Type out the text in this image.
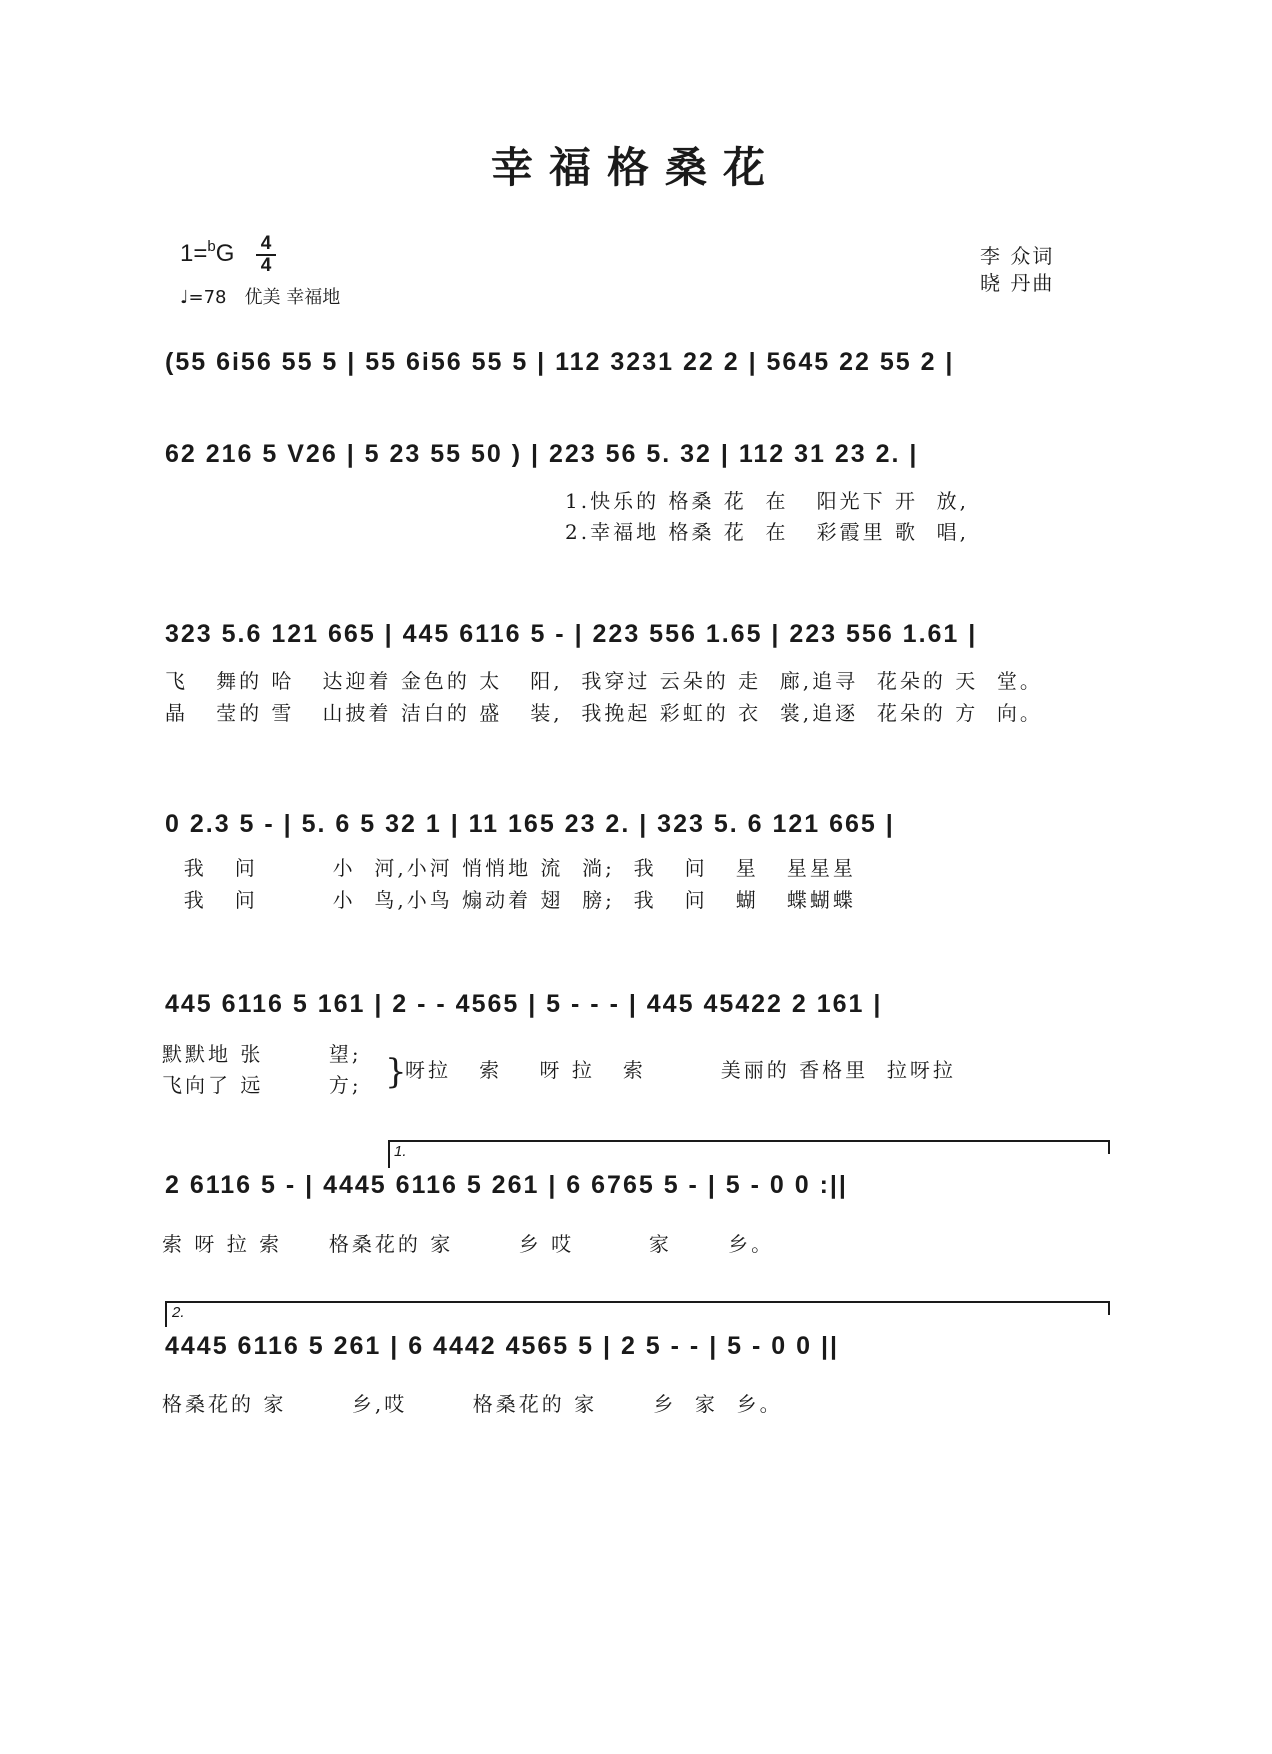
幸福格桑花
1=$^b$G 4
4
♩=78 优美 幸福地
李 众词
晓 丹曲
(55 6i56 55 5 | 55 6i56 55 5 | 112 3231 22 2 | 5645 22 55 2 |
62 216 5 V26 | 5 23 55 50 ) | 223 56 5. 32 | 112 31 23 2. |
323 5.6 121 665 | 445 6116 5 - | 223 556 1.65 | 223 556 1.61 |
0 2.3 5 - | 5. 6 5 32 1 | 11 165 23 2. | 323 5. 6 121 665 |
445 6116 5 161 | 2 - - 4565 | 5 - - - | 445 45422 2 161 |
2 6116 5 - | 4445 6116 5 261 | 6 6765 5 - | 5 - 0 0 :||
4445 6116 5 261 | 6 4442 4565 5 | 2 5 - - | 5 - 0 0 ||
1.快乐的 格桑 花  在   阳光下 开  放,
2.幸福地 格桑 花  在   彩霞里 歌  唱,
飞   舞的 哈   达迎着 金色的 太   阳,  我穿过 云朵的 走  廊,追寻  花朵的 天  堂。
晶   莹的 雪   山披着 洁白的 盛   装,  我挽起 彩虹的 衣  裳,追逐  花朵的 方  向。
我   问        小  河,小河 悄悄地 流  淌;  我   问   星   星星星
我   问        小  鸟,小鸟 煽动着 翅  膀;  我   问   蝴   蝶蝴蝶
默默地 张       望;
飞向了 远       方; }
呀拉   索    呀 拉   索        美丽的 香格里  拉呀拉
索 呀 拉 索     格桑花的 家       乡 哎        家      乡。
格桑花的 家       乡,哎       格桑花的 家      乡  家  乡。
1.
2.
